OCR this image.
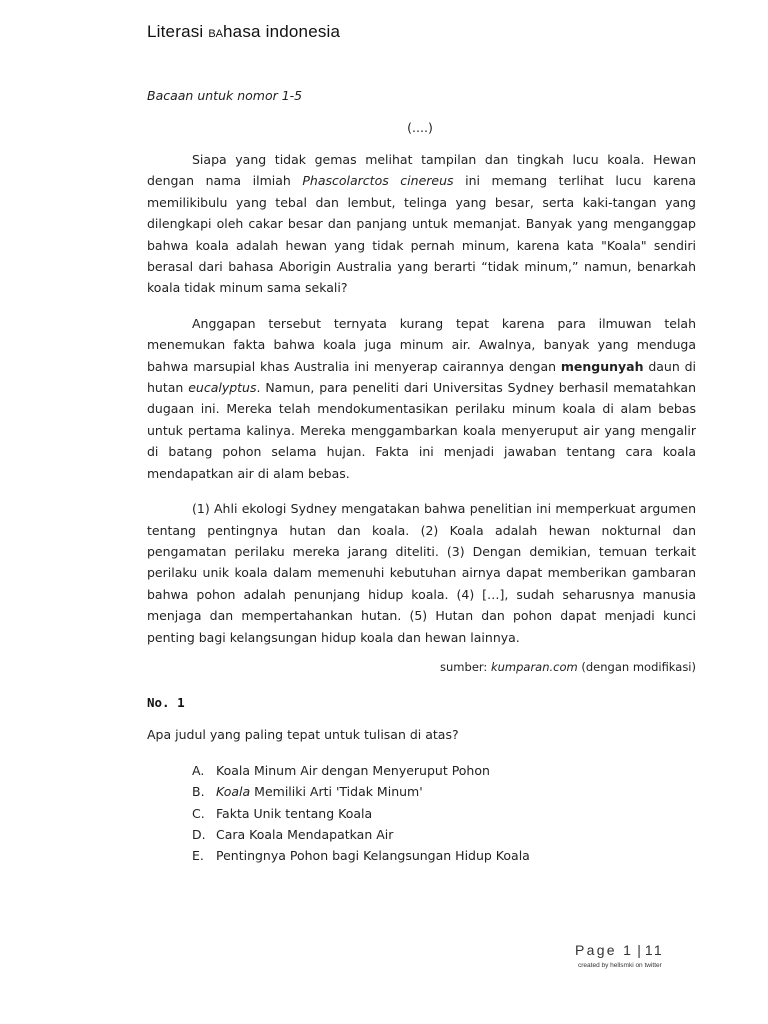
Literasi BAhasa indonesia
Bacaan untuk nomor 1-5
(....)

Siapa yang tidak gemas melihat tampilan dan tingkah lucu koala. Hewan dengan nama ilmiah Phascolarctos cinereus ini memang terlihat lucu karena memilikibulu yang tebal dan lembut, telinga yang besar, serta kaki-tangan yang dilengkapi oleh cakar besar dan panjang untuk memanjat. Banyak yang menganggap bahwa koala adalah hewan yang tidak pernah minum, karena kata "Koala" sendiri berasal dari bahasa Aborigin Australia yang berarti “tidak minum,” namun, benarkah koala tidak minum sama sekali?

Anggapan tersebut ternyata kurang tepat karena para ilmuwan telah menemukan fakta bahwa koala juga minum air. Awalnya, banyak yang menduga bahwa marsupial khas Australia ini menyerap cairannya dengan mengunyah daun di hutan eucalyptus. Namun, para peneliti dari Universitas Sydney berhasil mematahkan dugaan ini. Mereka telah mendokumentasikan perilaku minum koala di alam bebas untuk pertama kalinya. Mereka menggambarkan koala menyeruput air yang mengalir di batang pohon selama hujan. Fakta ini menjadi jawaban tentang cara koala mendapatkan air di alam bebas.

(1) Ahli ekologi Sydney mengatakan bahwa penelitian ini memperkuat argumen tentang pentingnya hutan dan koala. (2) Koala adalah hewan nokturnal dan pengamatan perilaku mereka jarang diteliti. (3) Dengan demikian, temuan terkait perilaku unik koala dalam memenuhi kebutuhan airnya dapat memberikan gambaran bahwa pohon adalah penunjang hidup koala. (4) […], sudah seharusnya manusia menjaga dan mempertahankan hutan. (5) Hutan dan pohon dapat menjadi kunci penting bagi kelangsungan hidup koala dan hewan lainnya.

sumber: kumparan.com (dengan modifikasi)
No. 1
Apa judul yang paling tepat untuk tulisan di atas?
A. Koala Minum Air dengan Menyeruput Pohon
B. Koala Memiliki Arti 'Tidak Minum'
C. Fakta Unik tentang Koala
D. Cara Koala Mendapatkan Air
E. Pentingnya Pohon bagi Kelangsungan Hidup Koala
Page 1 | 11
created by hellsmki on twitter
